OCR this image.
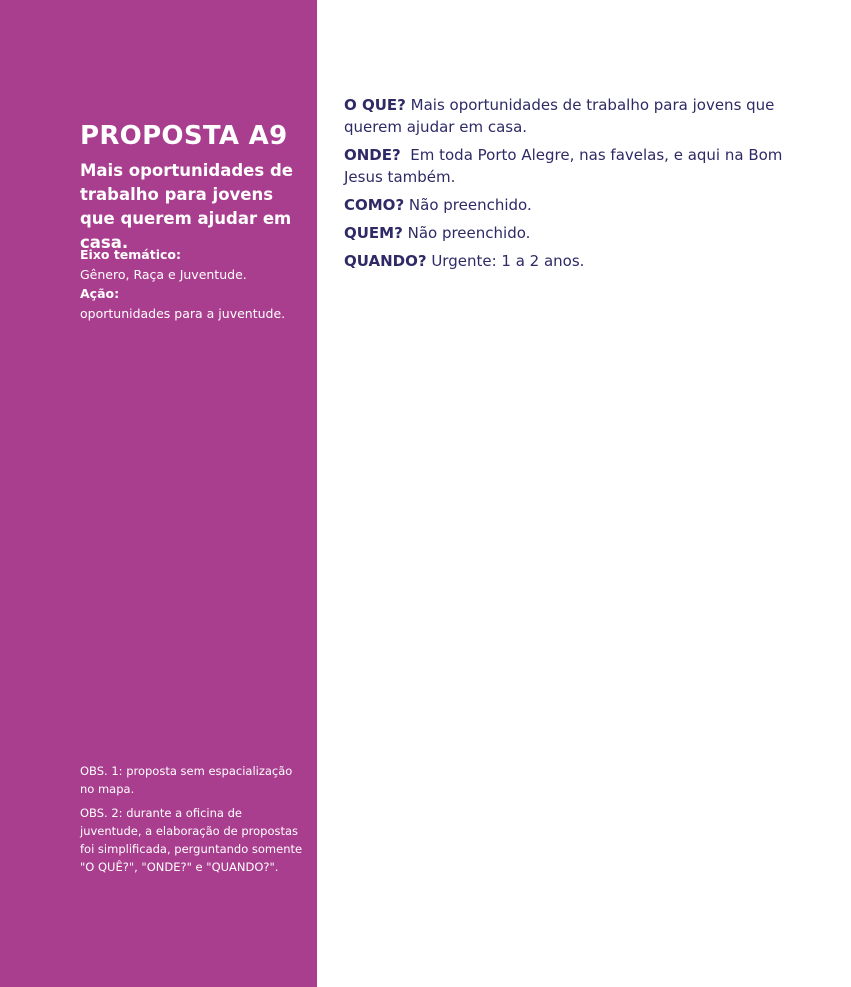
PROPOSTA A9
Mais oportunidades de trabalho para jovens que querem ajudar em casa.
Eixo temático:
Gênero, Raça e Juventude.
Ação:
oportunidades para a juventude.

OBS. 1: proposta sem espacialização no mapa.

OBS. 2: durante a oficina de juventude, a elaboração de propostas foi simplificada, perguntando somente "O QUÊ?", "ONDE?" e "QUANDO?".

O QUE? Mais oportunidades de trabalho para jovens que querem ajudar em casa.

ONDE? Em toda Porto Alegre, nas favelas, e aqui na Bom Jesus também.

COMO? Não preenchido.

QUEM? Não preenchido.

QUANDO? Urgente: 1 a 2 anos.
